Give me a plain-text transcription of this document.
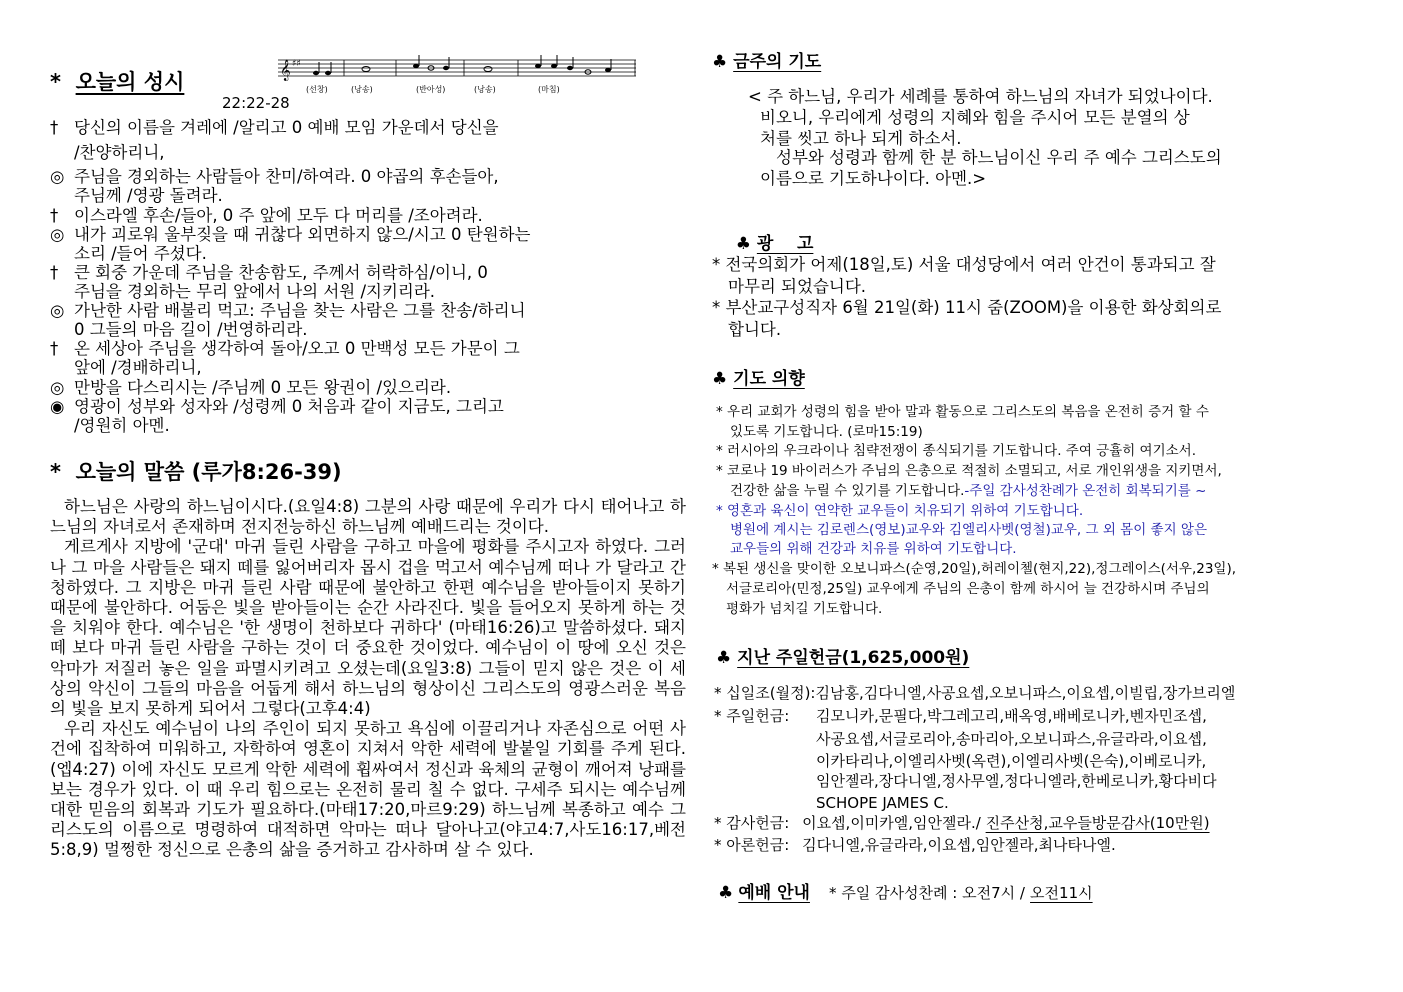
*  오늘의 성시	𝄞 ♯♯
(선창)	(낭송)	(반아성)	(낭송)	(마침)
22:22-28
† 당신의 이름을 겨레에 /알리고 0 예배 모임 가운데서 당신을
/찬양하리니,
◎ 주님을 경외하는 사람들아 찬미/하여라. 0 야곱의 후손들아,
주님께 /영광 돌려라.
† 이스라엘 후손/들아, 0 주 앞에 모두 다 머리를 /조아려라.
◎ 내가 괴로워 울부짖을 때 귀찮다 외면하지 않으/시고 0 탄원하는
소리 /들어 주셨다.
† 큰 회중 가운데 주님을 찬송함도, 주께서 허락하심/이니, 0
주님을 경외하는 무리 앞에서 나의 서원 /지키리라.
◎ 가난한 사람 배불리 먹고: 주님을 찾는 사람은 그를 찬송/하리니
0 그들의 마음 길이 /번영하리라.
† 온 세상아 주님을 생각하여 돌아/오고 0 만백성 모든 가문이 그
앞에 /경배하리니,
◎ 만방을 다스리시는 /주님께 0 모든 왕권이 /있으리라.
◉ 영광이 성부와 성자와 /성령께 0 처음과 같이 지금도, 그리고
/영원히 아멘.
*  오늘의 말씀 (루가8:26-39)

하느님은 사랑의 하느님이시다.(요일4:8) 그분의 사랑 때문에 우리가 다시 태어나고 하느님의 자녀로서 존재하며 전지전능하신 하느님께 예배드리는 것이다.

게르게사 지방에 '군대' 마귀 들린 사람을 구하고 마을에 평화를 주시고자 하였다. 그러나 그 마을 사람들은 돼지 떼를 잃어버리자 몹시 겁을 먹고서 예수님께 떠나 가 달라고 간청하였다. 그 지방은 마귀 들린 사람 때문에 불안하고 한편 예수님을 받아들이지 못하기 때문에 불안하다. 어둠은 빛을 받아들이는 순간 사라진다. 빛을 들어오지 못하게 하는 것을 치워야 한다. 예수님은 '한 생명이 천하보다 귀하다' (마태16:26)고 말씀하셨다. 돼지 떼 보다 마귀 들린 사람을 구하는 것이 더 중요한 것이었다. 예수님이 이 땅에 오신 것은 악마가 저질러 놓은 일을 파멸시키려고 오셨는데(요일3:8) 그들이 믿지 않은 것은 이 세상의 악신이 그들의 마음을 어둡게 해서 하느님의 형상이신 그리스도의 영광스러운 복음의 빛을 보지 못하게 되어서 그렇다(고후4:4)

우리 자신도 예수님이 나의 주인이 되지 못하고 욕심에 이끌리거나 자존심으로 어떤 사건에 집착하여 미워하고, 자학하여 영혼이 지쳐서 악한 세력에 발붙일 기회를 주게 된다.(엡4:27) 이에 자신도 모르게 악한 세력에 휩싸여서 정신과 육체의 균형이 깨어져 낭패를 보는 경우가 있다. 이 때 우리 힘으로는 온전히 물리 칠 수 없다. 구세주 되시는 예수님께 대한 믿음의 회복과 기도가 필요하다.(마태17:20,마르9:29) 하느님께 복종하고 예수 그리스도의 이름으로 명령하여 대적하면 악마는 떠나 달아나고(야고4:7,사도16:17,베전5:8,9) 멀쩡한 정신으로 은총의 삶을 증거하고 감사하며 살 수 있다.

♣ 금주의 기도
< 주 하느님, 우리가 세례를 통하여 하느님의 자녀가 되었나이다.
비오니, 우리에게 성령의 지혜와 힘을 주시어 모든 분열의 상
처를 씻고 하나 되게 하소서.
성부와 성령과 함께 한 분 하느님이신 우리 주 예수 그리스도의
이름으로 기도하나이다. 아멘.>

♣ 광    고

* 전국의회가 어제(18일,토) 서울 대성당에서 여러 안건이 통과되고 잘
마무리 되었습니다.
* 부산교구성직자 6월 21일(화) 11시 줌(ZOOM)을 이용한 화상회의로
합니다.
♣ 기도 의향
* 우리 교회가 성령의 힘을 받아 말과 활동으로 그리스도의 복음을 온전히 증거 할 수
있도록 기도합니다. (로마15:19)
* 러시아의 우크라이나 침략전쟁이 종식되기를 기도합니다. 주여 긍휼히 여기소서.
* 코로나 19 바이러스가 주님의 은총으로 적절히 소멸되고, 서로 개인위생을 지키면서,
건강한 삶을 누릴 수 있기를 기도합니다.-주일 감사성찬례가 온전히 회복되기를 ~
* 영혼과 육신이 연약한 교우들이 치유되기 위하여 기도합니다.
병원에 계시는 김로렌스(영보)교우와 김엘리사벳(영철)교우, 그 외 몸이 좋지 않은
교우들의 위해 건강과 치유를 위하여 기도합니다.
* 복된 생신을 맞이한 오보니파스(순영,20일),허레이첼(현지,22),정그레이스(서우,23일),
서글로리아(민정,25일) 교우에게 주님의 은총이 함께 하시어 늘 건강하시며 주님의
평화가 넘치길 기도합니다.
♣ 지난 주일헌금(1,625,000원)
* 십일조(월정):김남홍,김다니엘,사공요셉,오보니파스,이요셉,이빌립,장가브리엘
* 주일헌금: 김모니카,문필다,박그레고리,배옥영,배베로니카,벤자민조셉,
사공요셉,서글로리아,송마리아,오보니파스,유글라라,이요셉,
이카타리나,이엘리사벳(옥련),이엘리사벳(은숙),이베로니카,
임안젤라,장다니엘,정사무엘,정다니엘라,한베로니카,황다비다
SCHOPE JAMES C.
* 감사헌금: 이요셉,이미카엘,임안젤라./ 진주산청,교우들방문감사(10만원)
* 아론헌금: 김다니엘,유글라라,이요셉,임안젤라,최나타나엘.
♣ 예배 안내 * 주일 감사성찬례 : 오전7시 / 오전11시
